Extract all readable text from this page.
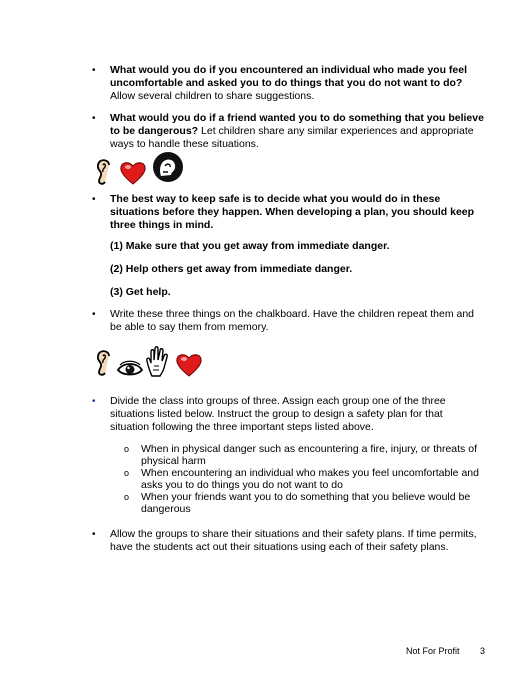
•	What would you do if you encountered an individual who made you feel uncomfortable and asked you to do things that you do not want to do? Allow several children to share suggestions.
•	What would you do if a friend wanted you to do something that you believe to be dangerous? Let children share any similar experiences and appropriate ways to handle these situations.
•	The best way to keep safe is to decide what you would do in these situations before they happen. When developing a plan, you should keep three things in mind.
(1) Make sure that you get away from immediate danger.
(2) Help others get away from immediate danger.
(3) Get help.
•	Write these three things on the chalkboard. Have the children repeat them and be able to say them from memory.
•	Divide the class into groups of three. Assign each group one of the three situations listed below. Instruct the group to design a safety plan for that situation following the three important steps listed above.
o When in physical danger such as encountering a fire, injury, or threats of physical harm
o When encountering an individual who makes you feel uncomfortable and asks you to do things you do not want to do
o When your friends want you to do something that you believe would be dangerous
•	Allow the groups to share their situations and their safety plans. If time permits, have the students act out their situations using each of their safety plans.
Not For Profit 3
